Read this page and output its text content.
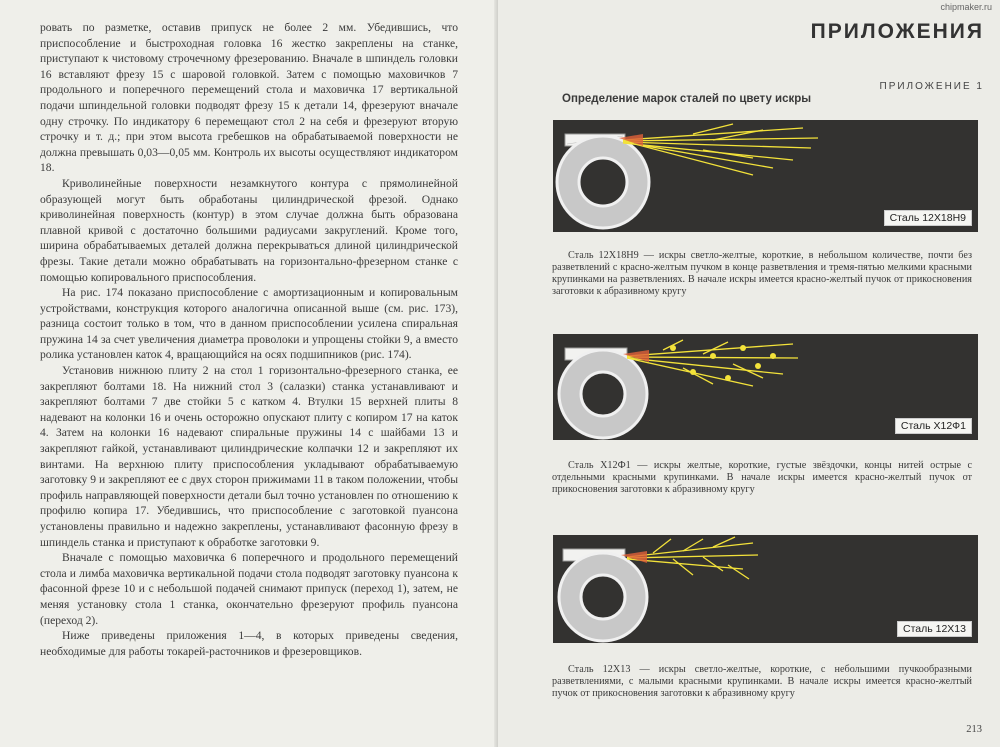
ровать по разметке, оставив припуск не более 2 мм. Убедившись, что приспособление и быстроходная головка 16 жестко закреплены на станке, приступают к чистовому строчечному фрезерованию. Вначале в шпиндель головки 16 вставляют фрезу 15 с шаровой головкой. Затем с помощью маховичков 7 продольного и поперечного перемещений стола и маховичка 17 вертикальной подачи шпиндельной головки подводят фрезу 15 к детали 14, фрезеруют вначале одну строчку. По индикатору 6 перемещают стол 2 на себя и фрезеруют вторую строчку и т. д.; при этом высота гребешков на обрабатываемой поверхности не должна превышать 0,03—0,05 мм. Контроль их высоты осуществляют индикатором 18.

Криволинейные поверхности незамкнутого контура с прямолинейной образующей могут быть обработаны цилиндрической фрезой. Однако криволинейная поверхность (контур) в этом случае должна быть образована плавной кривой с достаточно большими радиусами закруглений. Кроме того, ширина обрабатываемых деталей должна перекрываться длиной цилиндрической фрезы. Такие детали можно обрабатывать на горизонтально-фрезерном станке с помощью копировального приспособления.

На рис. 174 показано приспособление с амортизационным и копировальным устройствами, конструкция которого аналогична описанной выше (см. рис. 173), разница состоит только в том, что в данном приспособлении усилена спиральная пружина 14 за счет увеличения диаметра проволоки и упрощены стойки 9, а вместо ролика установлен каток 4, вращающийся на осях подшипников (рис. 174).

Установив нижнюю плиту 2 на стол 1 горизонтально-фрезерного станка, ее закрепляют болтами 18. На нижний стол 3 (салазки) станка устанавливают и закрепляют болтами 7 две стойки 5 с катком 4. Втулки 15 верхней плиты 8 надевают на колонки 16 и очень осторожно опускают плиту с копиром 17 на каток 4. Затем на колонки 16 надевают спиральные пружины 14 с шайбами 13 и закрепляют гайкой, устанавливают цилиндрические колпачки 12 и закрепляют их винтами. На верхнюю плиту приспособления укладывают обрабатываемую заготовку 9 и закрепляют ее с двух сторон прижимами 11 в таком положении, чтобы профиль направляющей поверхности детали был точно установлен по отношению к профилю копира 17. Убедившись, что приспособление с заготовкой пуансона установлены правильно и надежно закреплены, устанавливают фасонную фрезу в шпиндель станка и приступают к обработке заготовки 9.

Вначале с помощью маховичка 6 поперечного и продольного перемещений стола и лимба маховичка вертикальной подачи стола подводят заготовку пуансона к фасонной фрезе 10 и с небольшой подачей снимают припуск (переход 1), затем, не меняя установку стола 1 станка, окончательно фрезеруют профиль пуансона (переход 2).

Ниже приведены приложения 1—4, в которых приведены сведения, необходимые для работы токарей-расточников и фрезеровщиков.

chipmaker.ru
ПРИЛОЖЕНИЯ
ПРИЛОЖЕНИЕ 1
Определение марок сталей по цвету искры
Сталь 12Х18Н9

Сталь 12Х18Н9 — искры светло-желтые, короткие, в небольшом количестве, почти без разветвлений с красно-желтым пучком в конце разветвления и тремя-пятью мелкими красными крупинками на разветвлениях. В начале искры имеется красно-желтый пучок от прикосновения заготовки к абразивному кругу

Сталь Х12Ф1

Сталь Х12Ф1 — искры желтые, короткие, густые звёздочки, концы нитей острые с отдельными красными крупинками. В начале искры имеется красно-желтый пучок от прикосновения заготовки к абразивному кругу

Сталь 12Х13

Сталь 12Х13 — искры светло-желтые, короткие, с небольшими пучкообразными разветвлениями, с малыми красными крупинками. В начале искры имеется красно-желтый пучок от прикосновения заготовки к абразивному кругу

213
